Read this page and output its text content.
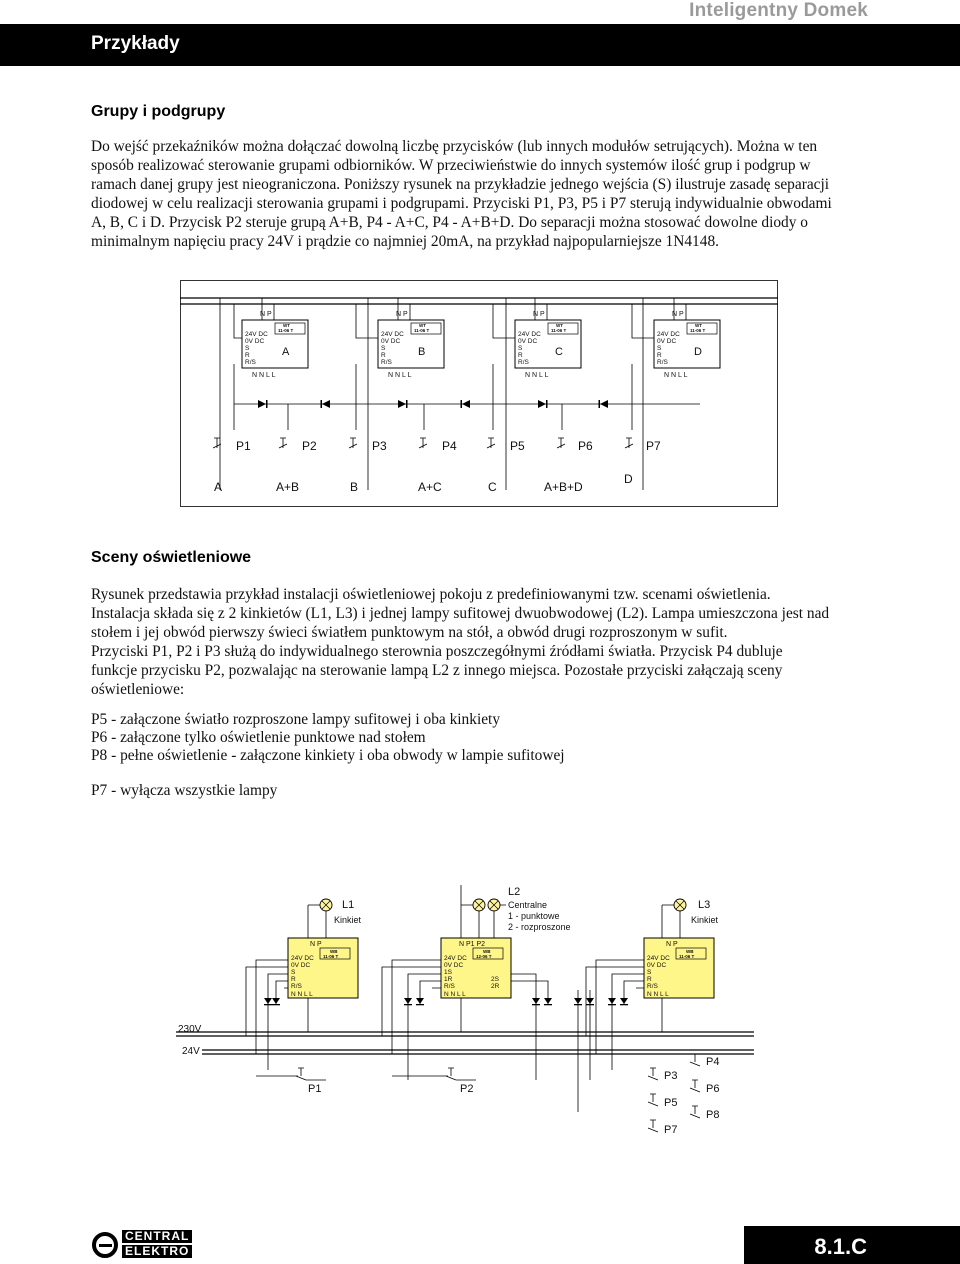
Inteligentny Domek
Przykłady
Grupy i podgrupy

Do wejść przekaźników można dołączać dowolną liczbę przycisków (lub innych modułów setrujących). Można w ten

sposób realizować sterowanie grupami odbiorników. W przeciwieństwie do innych systemów ilość grup i podgrup w

ramach danej grupy jest nieograniczona. Poniższy rysunek na przykładzie jednego wejścia (S) ilustruje zasadę separacji

diodowej w celu realizacji sterowania grupami i podgrupami. Przyciski P1, P3, P5 i P7 sterują indywidualnie obwodami

A, B, C i D. Przycisk P2 steruje grupą A+B, P4 - A+C, P4 - A+B+D. Do separacji można stosować dowolne diody o

minimalnym napięciu pracy 24V i prądzie co najmniej 20mA, na przykład najpopularniejsze 1N4148.

N P
WT
11-06 T
24V DC
0V DC
S
R
R/S
A
N N L L
N P
WT
11-06 T
24V DC
0V DC
S
R
R/S
B
N N L L
N P
WT
11-06 T
24V DC
0V DC
S
R
R/S
C
N N L L
N P
WT
11-06 T
24V DC
0V DC
S
R
R/S
D
N N L L
P1	P2	P3	P4	P5	P6	P7
A	A+B	B	A+C	C	A+B+D
D
Sceny oświetleniowe

Rysunek przedstawia przykład instalacji oświetleniowej pokoju z predefiniowanymi tzw. scenami oświetlenia.

Instalacja składa się z 2 kinkietów (L1, L3) i jednej lampy sufitowej dwuobwodowej (L2). Lampa umieszczona jest nad

stołem i jej obwód pierwszy świeci światłem punktowym na stół, a obwód drugi rozproszonym w sufit.

Przyciski P1, P2 i P3 służą do indywidualnego sterownia poszczegółnymi źródłami światła. Przycisk P4 dubluje

funkcje przycisku P2, pozwalając na sterowanie lampą L2 z innego miejsca. Pozostałe przyciski załączają sceny

oświetleniowe:

P5 - załączone światło rozproszone lampy sufitowej i oba kinkiety

P6 - załączone tylko oświetlenie punktowe nad stołem

P8 - pełne oświetlenie - załączone kinkiety i oba obwody w lampie sufitowej

P7 - wyłącza wszystkie lampy

230V
24V
L1
Kinkiet
L2
Centralne
1 - punktowe
2 - rozproszone
L3
Kinkiet
N P
WB
11-06 T
24V DC
0V DC
S
R
R/S
N N L L
N P1 P2
WB
12-06 T
24V DC
0V DC
1S
1R
R/S
2S
2R
N N L L
N P
WB
11-06 T
24V DC
0V DC
S
R
R/S
N N L L
P1	P2
P3
P4
P5
P6
P7
P8
CENTRAL
ELEKTRO	8.1.C
